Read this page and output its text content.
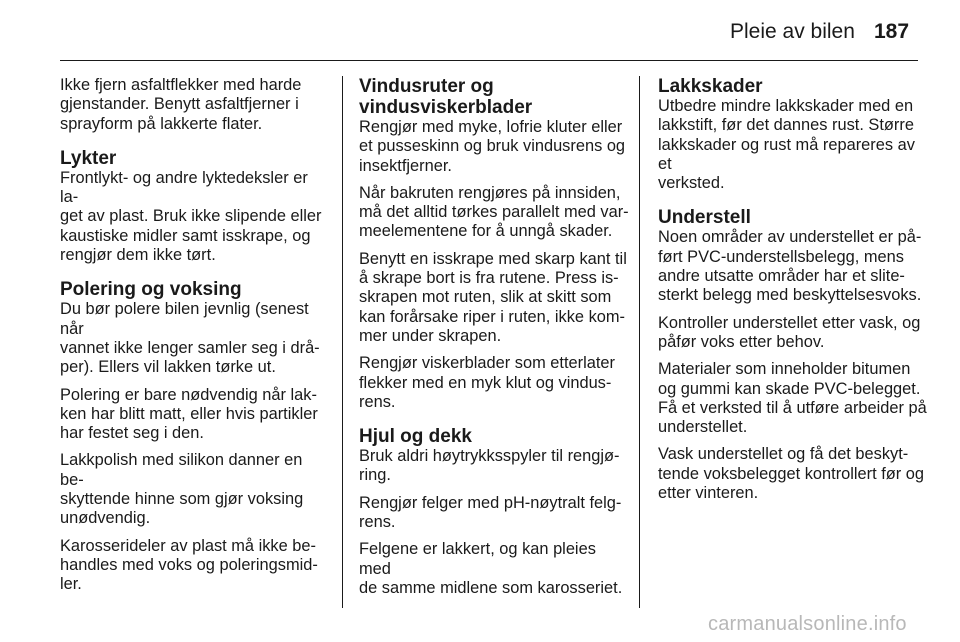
Pleie av bilen 187

Ikke fjern asfaltflekker med harde
gjenstander. Benytt asfaltfjerner i
sprayform på lakkerte flater.

Lykter

Frontlykt- og andre lyktedeksler er la-
get av plast. Bruk ikke slipende eller
kaustiske midler samt isskrape, og
rengjør dem ikke tørt.

Polering og voksing

Du bør polere bilen jevnlig (senest når
vannet ikke lenger samler seg i drå-
per). Ellers vil lakken tørke ut.

Polering er bare nødvendig når lak-
ken har blitt matt, eller hvis partikler
har festet seg i den.

Lakkpolish med silikon danner en be-
skyttende hinne som gjør voksing
unødvendig.

Karosserideler av plast må ikke be-
handles med voks og poleringsmid-
ler.

Vindusruter og
vindusviskerblader

Rengjør med myke, lofrie kluter eller
et pusseskinn og bruk vindusrens og
insektfjerner.

Når bakruten rengjøres på innsiden,
må det alltid tørkes parallelt med var-
meelementene for å unngå skader.

Benytt en isskrape med skarp kant til
å skrape bort is fra rutene. Press is-
skrapen mot ruten, slik at skitt som
kan forårsake riper i ruten, ikke kom-
mer under skrapen.

Rengjør viskerblader som etterlater
flekker med en myk klut og vindus-
rens.

Hjul og dekk

Bruk aldri høytrykksspyler til rengjø-
ring.

Rengjør felger med pH-nøytralt felg-
rens.

Felgene er lakkert, og kan pleies med
de samme midlene som karosseriet.

Lakkskader

Utbedre mindre lakkskader med en
lakkstift, før det dannes rust. Større
lakkskader og rust må repareres av et
verksted.

Understell

Noen områder av understellet er på-
ført PVC-understellsbelegg, mens
andre utsatte områder har et slite-
sterkt belegg med beskyttelsesvoks.

Kontroller understellet etter vask, og
påfør voks etter behov.

Materialer som inneholder bitumen
og gummi kan skade PVC-belegget.
Få et verksted til å utføre arbeider på
understellet.

Vask understellet og få det beskyt-
tende voksbelegget kontrollert før og
etter vinteren.

carmanualsonline.info
